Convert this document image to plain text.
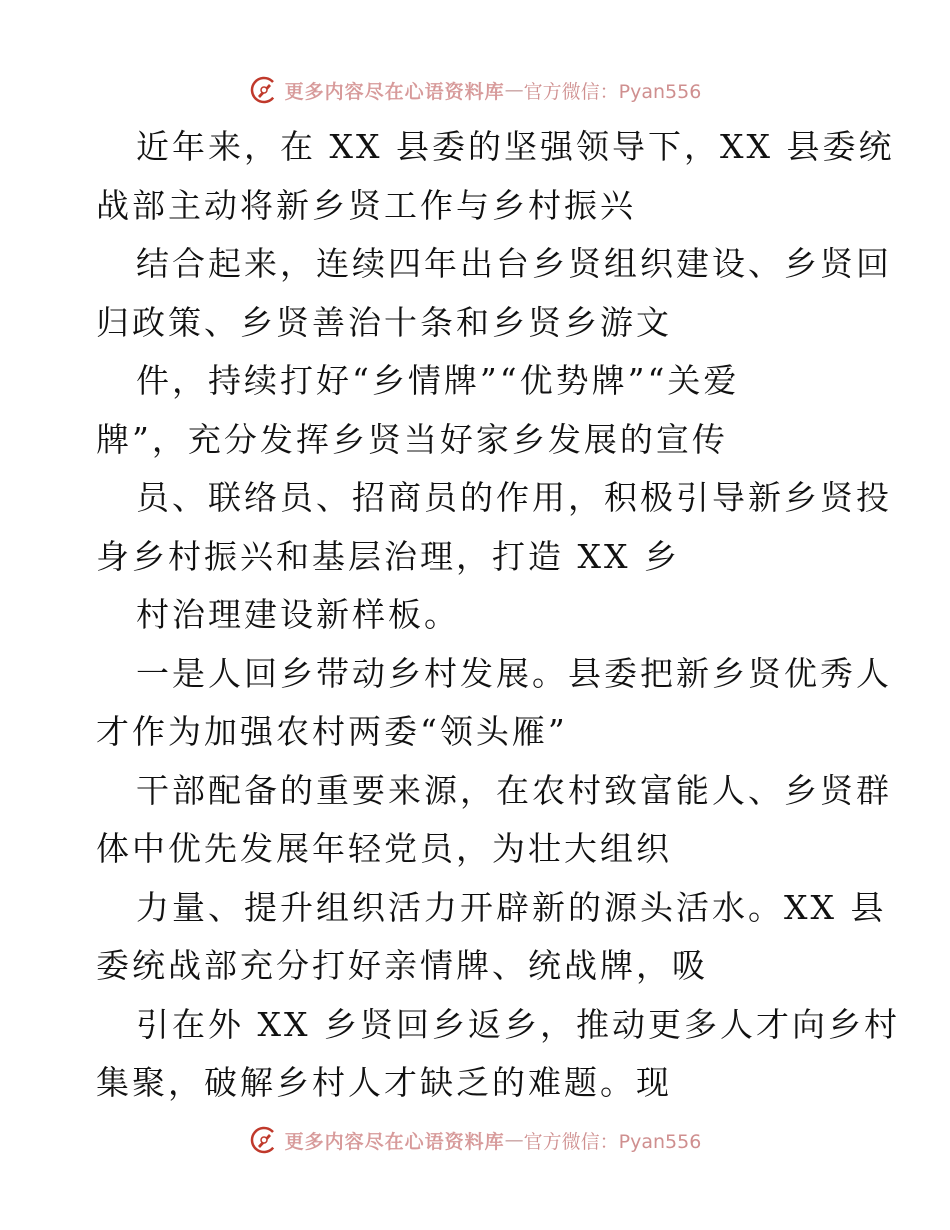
更多内容尽在心语资料库 — 官方微信：Pyan556
近年来，在 XX 县委的坚强领导下，XX 县委统
战部主动将新乡贤工作与乡村振兴
结合起来，连续四年出台乡贤组织建设、乡贤回
归政策、乡贤善治十条和乡贤乡游文
件，持续打好“乡情牌”“优势牌”“关爱
牌”，充分发挥乡贤当好家乡发展的宣传
员、联络员、招商员的作用，积极引导新乡贤投
身乡村振兴和基层治理，打造 XX 乡
村治理建设新样板。
一是人回乡带动乡村发展。县委把新乡贤优秀人
才作为加强农村两委“领头雁”
干部配备的重要来源，在农村致富能人、乡贤群
体中优先发展年轻党员，为壮大组织
力量、提升组织活力开辟新的源头活水。XX 县
委统战部充分打好亲情牌、统战牌，吸
引在外 XX 乡贤回乡返乡，推动更多人才向乡村
集聚，破解乡村人才缺乏的难题。现
更多内容尽在心语资料库 — 官方微信：Pyan556
